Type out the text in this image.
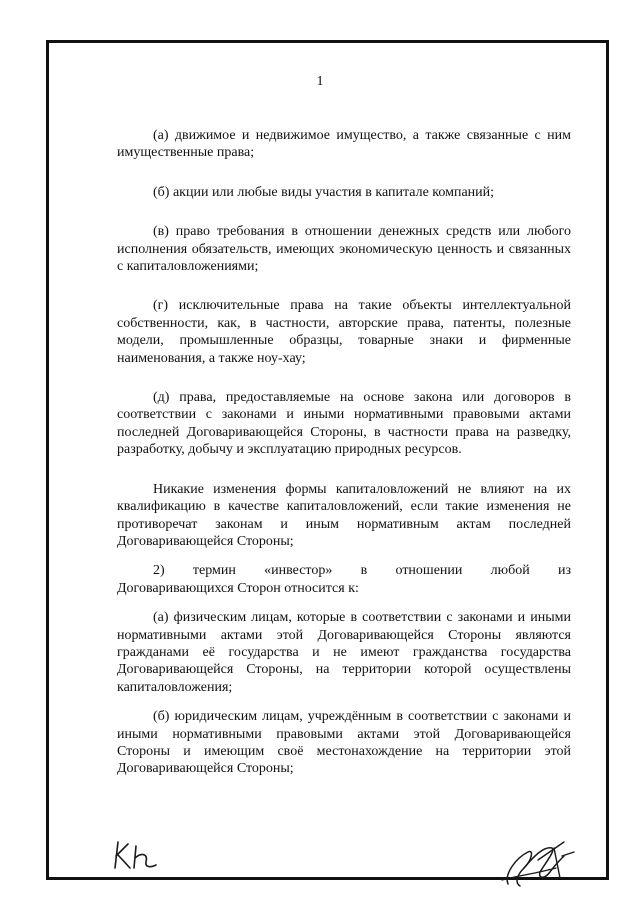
1

(а) движимое и недвижимое имущество, а также связанные с ним имущественные права;

(б) акции или любые виды участия в капитале компаний;

(в) право требования в отношении денежных средств или любого исполнения обязательств, имеющих экономическую ценность и связанных с капиталовложениями;

(г) исключительные права на такие объекты интеллектуальной собственности, как, в частности, авторские права, патенты, полезные модели, промышленные образцы, товарные знаки и фирменные наименования, а также ноу-хау;

(д) права, предоставляемые на основе закона или договоров в соответствии с законами и иными нормативными правовыми актами последней Договаривающейся Стороны, в частности права на разведку, разработку, добычу и эксплуатацию природных ресурсов.

Никакие изменения формы капиталовложений не влияют на их квалификацию в качестве капиталовложений, если такие изменения не противоречат законам и иным нормативным актам последней Договаривающейся Стороны;

2) термин «инвестор» в отношении любой из

Договаривающихся Сторон относится к:

(а) физическим лицам, которые в соответствии с законами и иными нормативными актами этой Договаривающейся Стороны являются гражданами её государства и не имеют гражданства государства Договаривающейся Стороны, на территории которой осуществлены капиталовложения;

(б) юридическим лицам, учреждённым в соответствии с законами и иными нормативными правовыми актами этой Договаривающейся Стороны и имеющим своё местонахождение на территории этой Договаривающейся Стороны;
